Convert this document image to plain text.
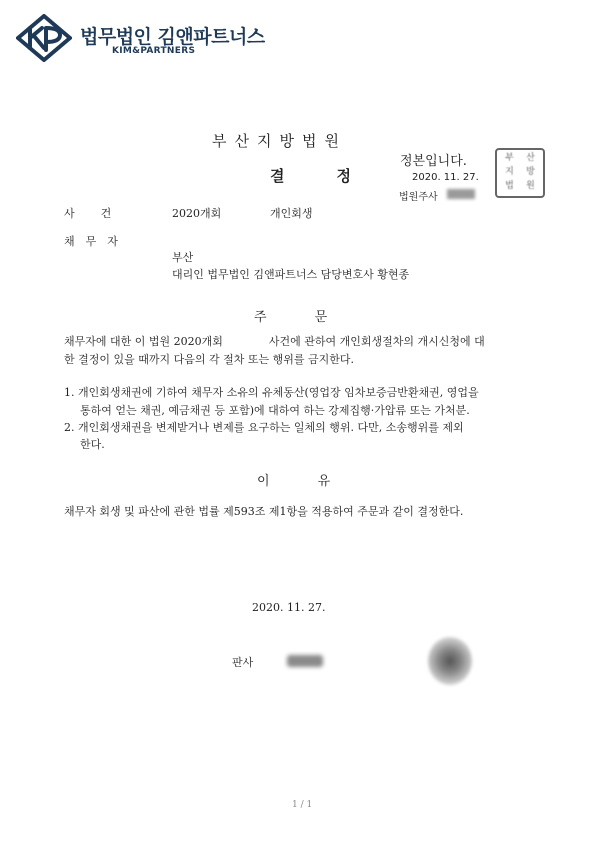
법무법인 김앤파트너스
KIM&PARTNERS
부산지방법원
결	정
정본입니다.
2020. 11. 27.
법원주사
부	산
지	방
법	원
사건	2020개회	개인회생
채무자
부산
대리인 법무법인 김앤파트너스 담당변호사 황현종
주	문
채무자에 대한 이 법원 2020개회	사건에 관하여 개인회생절차의 개시신청에 대
한 결정이 있을 때까지 다음의 각 절차 또는 행위를 금지한다.
1. 개인회생채권에 기하여 채무자 소유의 유체동산(영업장 임차보증금반환채권, 영업을
통하여 얻는 채권, 예금채권 등 포함)에 대하여 하는 강제집행·가압류 또는 가처분.
2. 개인회생채권을 변제받거나 변제를 요구하는 일체의 행위. 다만, 소송행위를 제외
한다.
이	유
채무자 회생 및 파산에 관한 법률 제593조 제1항을 적용하여 주문과 같이 결정한다.
2020. 11. 27.
판사
1 / 1
